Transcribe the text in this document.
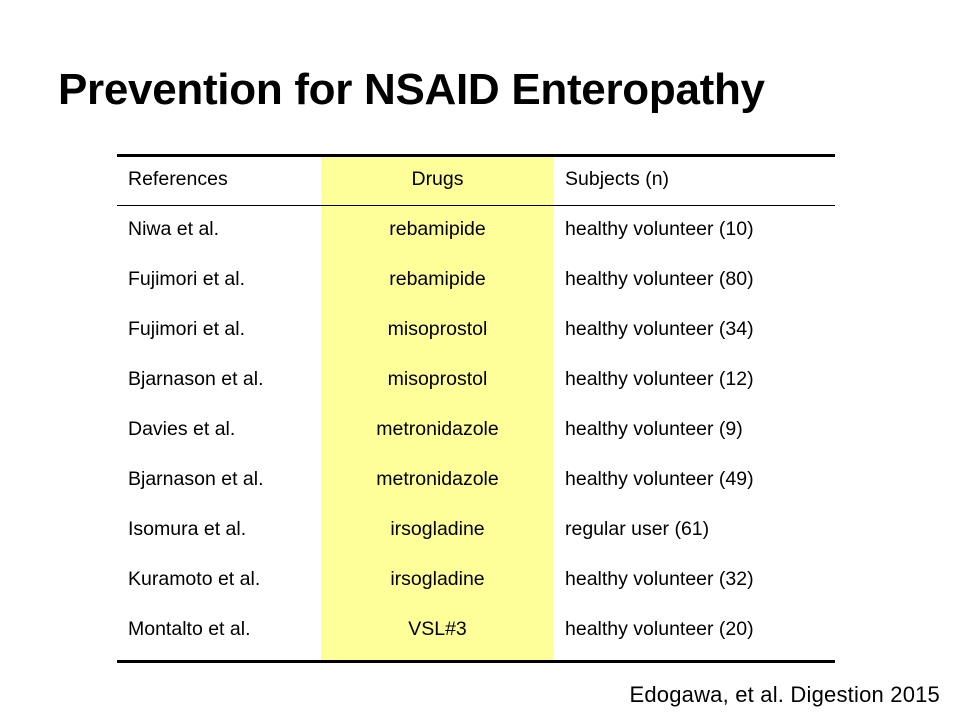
Prevention for NSAID Enteropathy
References	Drugs	Subjects (n)
Niwa et al.	rebamipide	healthy volunteer (10)
Fujimori et al.	rebamipide	healthy volunteer (80)
Fujimori et al.	misoprostol	healthy volunteer (34)
Bjarnason et al.	misoprostol	healthy volunteer (12)
Davies et al.	metronidazole	healthy volunteer (9)
Bjarnason et al.	metronidazole	healthy volunteer (49)
Isomura et al.	irsogladine	regular user (61)
Kuramoto et al.	irsogladine	healthy volunteer (32)
Montalto et al.	VSL#3	healthy volunteer (20)
Edogawa, et al. Digestion 2015
